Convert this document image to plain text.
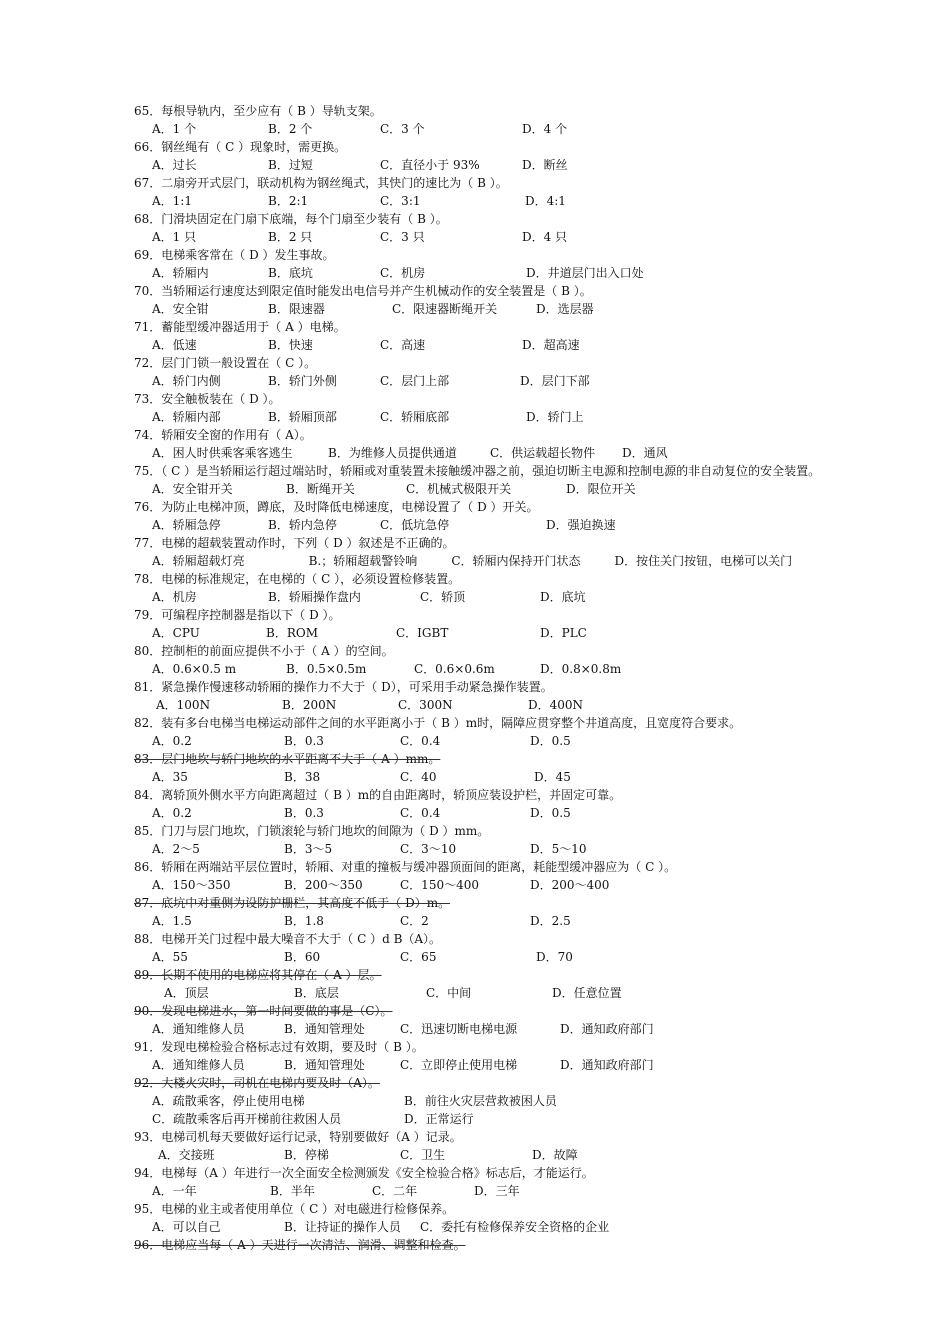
65．每根导轨内，至少应有（ B ）导轨支架。
A．1 个	B．2 个	C．3 个	D．4 个
66．钢丝绳有（ C ）现象时，需更换。
A．过长	B．过短	C．直径小于 93%	D．断丝
67．二扇旁开式层门，联动机构为钢丝绳式，其快门的速比为（ B ）。
A．1:1	B．2:1	C．3:1	D．4:1
68．门滑块固定在门扇下底端，每个门扇至少装有（ B ）。
A．1 只	B．2 只	C．3 只	D．4 只
69．电梯乘客常在（ D ）发生事故。
A．轿厢内	B．底坑	C．机房	D．井道层门出入口处
70．当轿厢运行速度达到限定值时能发出电信号并产生机械动作的安全装置是（ B ）。
A．安全钳	B．限速器	C．限速器断绳开关	D．选层器
71．蓄能型缓冲器适用于（ A ）电梯。
A．低速	B．快速	C．高速	D．超高速
72．层门门锁一般设置在（ C ）。
A．轿门内侧	B．轿门外侧	C．层门上部	D．层门下部
73．安全触板装在（ D ）。
A．轿厢内部	B．轿厢顶部	C．轿厢底部	D．轿门上
74．轿厢安全窗的作用有（ A）。
A．困人时供乘客乘客逃生	B．为维修人员提供通道	C．供运载超长物件 D．通风
75．（ C ）是当轿厢运行超过端站时，轿厢或对重装置未接触缓冲器之前，强迫切断主电源和控制电源的非自动复位的安全装置。
A．安全钳开关	B．断绳开关	C．机械式极限开关	D．限位开关
76．为防止电梯冲顶，蹲底，及时降低电梯速度，电梯设置了（ D ）开关。
A．轿厢急停	B．轿内急停	C．低坑急停	D．强迫换速
77．电梯的超载装置动作时，下列（ D ）叙述是不正确的。
A．轿厢超载灯亮	B.；轿厢超载警铃响	C．轿厢内保持开门状态	D．按住关门按钮，电梯可以关门
78．电梯的标准规定，在电梯的（ C ），必须设置检修装置。
A．机房	B．轿厢操作盘内	C．轿顶	D．底坑
79．可编程序控制器是指以下（ D ）。
A．CPU	B．ROM	C．IGBT	D．PLC
80．控制柜的前面应提供不小于（ A ）的空间。
A．0.6×0.5 m	B．0.5×0.5m	C．0.6×0.6m	D．0.8×0.8m
81．紧急操作慢速移动轿厢的操作力不大于（ D），可采用手动紧急操作装置。
A．100N	B．200N	C．300N	D．400N
82．装有多台电梯当电梯运动部件之间的水平距离小于（ B ）m时，隔障应贯穿整个井道高度，且宽度符合要求。
A．0.2	B．0.3	C．0.4	D．0.5
83．层门地坎与轿门地坎的水平距离不大于（ A ）mm。
A．35	B．38	C．40	D．45
84．离轿顶外侧水平方向距离超过（ B ）m的自由距离时，轿顶应装设护栏，并固定可靠。
A．0.2	B．0.3	C．0.4	D．0.5
85．门刀与层门地坎，门锁滚轮与轿门地坎的间隙为（ D ）mm。
A．2～5	B．3～5	C．3～10	D．5～10
86．轿厢在两端站平层位置时，轿厢、对重的撞板与缓冲器顶面间的距离，耗能型缓冲器应为（ C ）。
A．150～350	B．200～350	C．150～400	D．200～400
87．底坑中对重侧为设防护栅栏，其高度不低于（ D）m。
A．1.5	B．1.8	C．2	D．2.5
88．电梯开关门过程中最大噪音不大于（ C ）d B（A）。
A．55	B．60	C．65	D．70
89．长期不使用的电梯应将其停在（ A ）层。
A．顶层	B．底层	C．中间	D．任意位置
90．发现电梯进水，第一时间要做的事是（C）。
A．通知维修人员	B．通知管理处	C．迅速切断电梯电源	D．通知政府部门
91．发现电梯检验合格标志过有效期，要及时（ B ）。
A．通知维修人员	B．通知管理处	C．立即停止使用电梯	D．通知政府部门
92．大楼火灾时，司机在电梯内要及时（A）。
A．疏散乘客，停止使用电梯	B．前往火灾层营救被困人员
C．疏散乘客后再开梯前往救困人员	D．正常运行
93．电梯司机每天要做好运行记录，特别要做好（A ）记录。
A．交接班	B．停梯	C．卫生	D．故障
94．电梯每（A ）年进行一次全面安全检测颁发《安全检验合格》标志后，才能运行。
A．一年	B．半年	C．二年	D．三年
95．电梯的业主或者使用单位（ C ）对电磁进行检修保养。
A．可以自己	B．让持证的操作人员 C．委托有检修保养安全资格的企业
96．电梯应当每（ A ）天进行一次清洁、润滑、调整和检查。
